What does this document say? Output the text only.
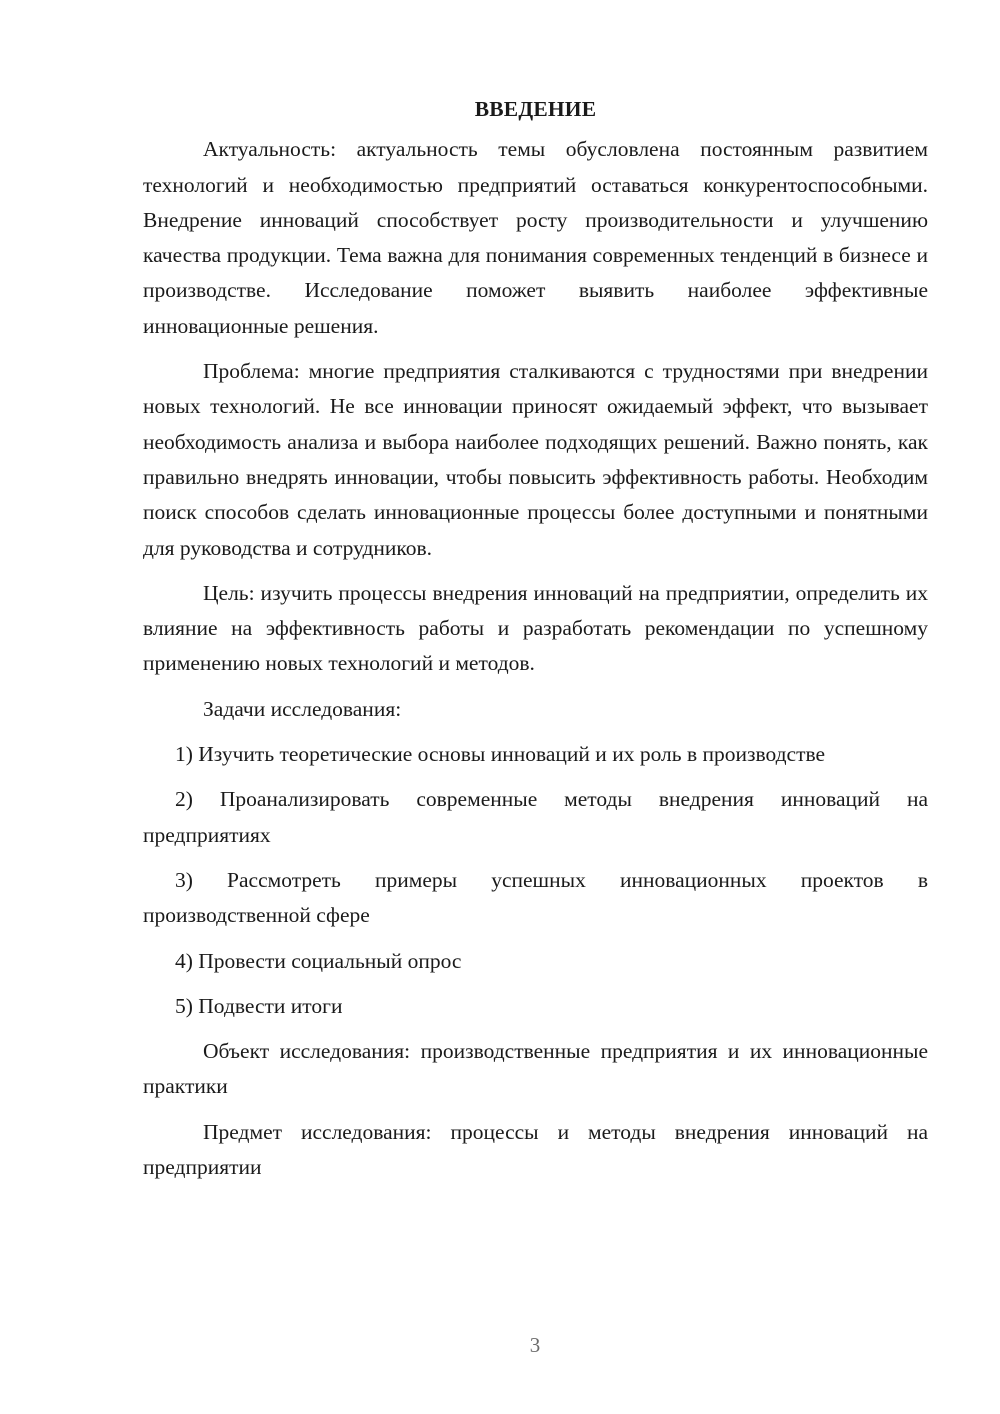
ВВЕДЕНИЕ

Актуальность: актуальность темы обусловлена постоянным развитием технологий и необходимостью предприятий оставаться конкурентоспособными. Внедрение инноваций способствует росту производительности и улучшению качества продукции. Тема важна для понимания современных тенденций в бизнесе и производстве. Исследование поможет выявить наиболее эффективные инновационные решения.

Проблема: многие предприятия сталкиваются с трудностями при внедрении новых технологий. Не все инновации приносят ожидаемый эффект, что вызывает необходимость анализа и выбора наиболее подходящих решений. Важно понять, как правильно внедрять инновации, чтобы повысить эффективность работы. Необходим поиск способов сделать инновационные процессы более доступными и понятными для руководства и сотрудников.

Цель: изучить процессы внедрения инноваций на предприятии, определить их влияние на эффективность работы и разработать рекомендации по успешному применению новых технологий и методов.

Задачи исследования:

1) Изучить теоретические основы инноваций и их роль в производстве

2) Проанализировать современные методы внедрения инноваций на предприятиях

3) Рассмотреть примеры успешных инновационных проектов в производственной сфере

4) Провести социальный опрос

5) Подвести итоги

Объект исследования: производственные предприятия и их инновационные практики

Предмет исследования: процессы и методы внедрения инноваций на предприятии

3
